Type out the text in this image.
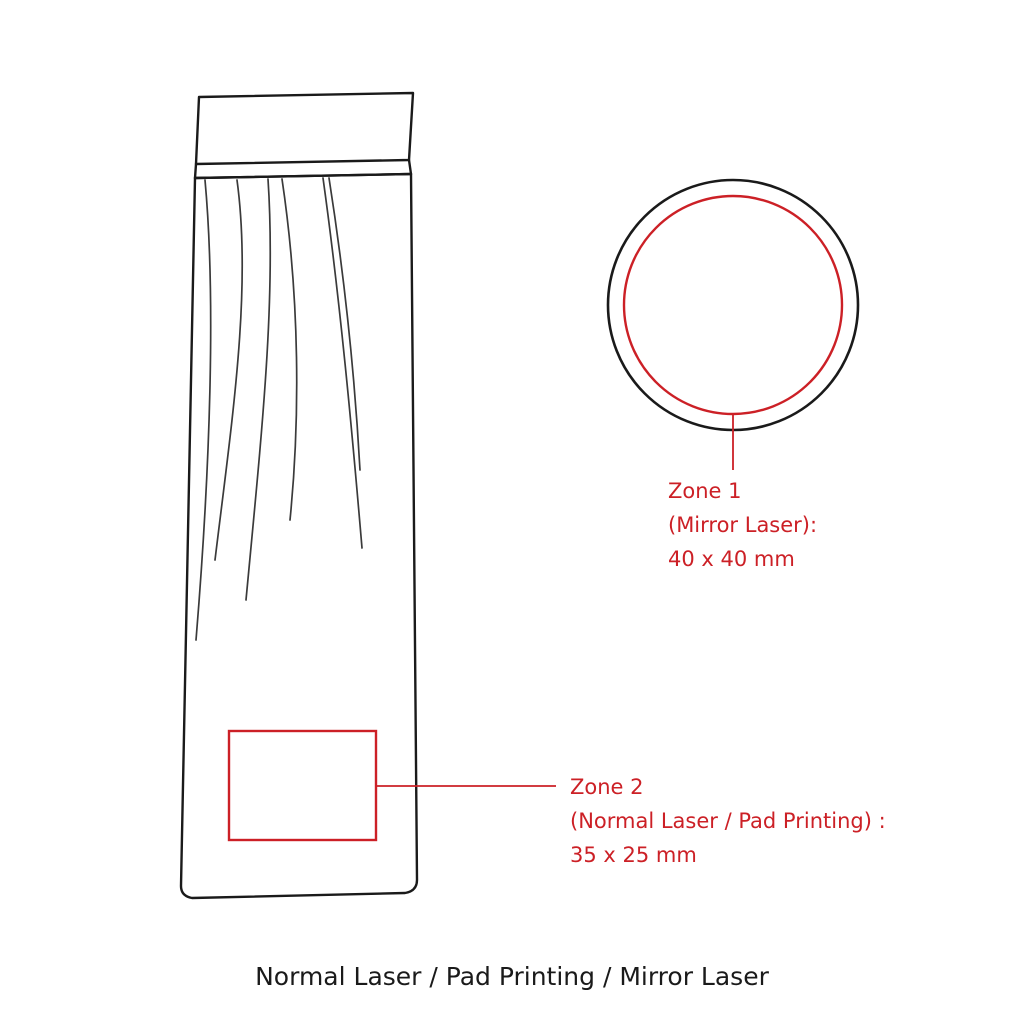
Zone 1
(Mirror Laser):
40 x 40 mm
Zone 2
(Normal Laser / Pad Printing) :
35 x 25 mm
Normal Laser / Pad Printing / Mirror Laser
